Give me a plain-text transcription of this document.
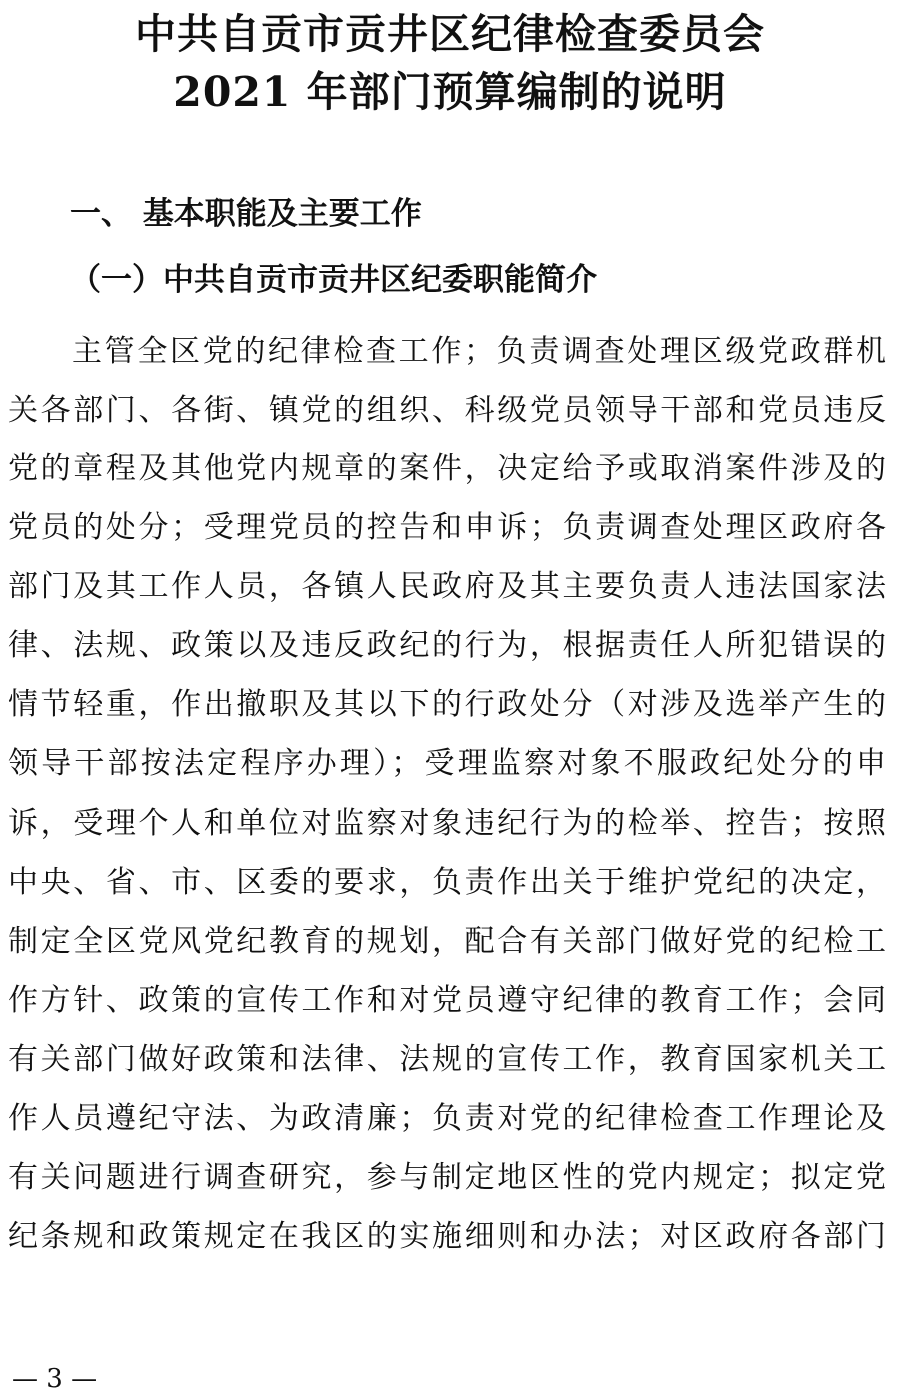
中共自贡市贡井区纪律检查委员会
2021 年部门预算编制的说明
一、 基本职能及主要工作
（一）中共自贡市贡井区纪委职能简介

主管全区党的纪律检查工作；负责调查处理区级党政群机

关各部门、各街、镇党的组织、科级党员领导干部和党员违反

党的章程及其他党内规章的案件，决定给予或取消案件涉及的

党员的处分；受理党员的控告和申诉；负责调查处理区政府各

部门及其工作人员，各镇人民政府及其主要负责人违法国家法

律、法规、政策以及违反政纪的行为，根据责任人所犯错误的

情节轻重，作出撤职及其以下的行政处分（对涉及选举产生的

领导干部按法定程序办理）；受理监察对象不服政纪处分的申

诉，受理个人和单位对监察对象违纪行为的检举、控告；按照

中央、省、市、区委的要求，负责作出关于维护党纪的决定，

制定全区党风党纪教育的规划，配合有关部门做好党的纪检工

作方针、政策的宣传工作和对党员遵守纪律的教育工作；会同

有关部门做好政策和法律、法规的宣传工作，教育国家机关工

作人员遵纪守法、为政清廉；负责对党的纪律检查工作理论及

有关问题进行调查研究，参与制定地区性的党内规定；拟定党

纪条规和政策规定在我区的实施细则和办法；对区政府各部门

— 3 —
